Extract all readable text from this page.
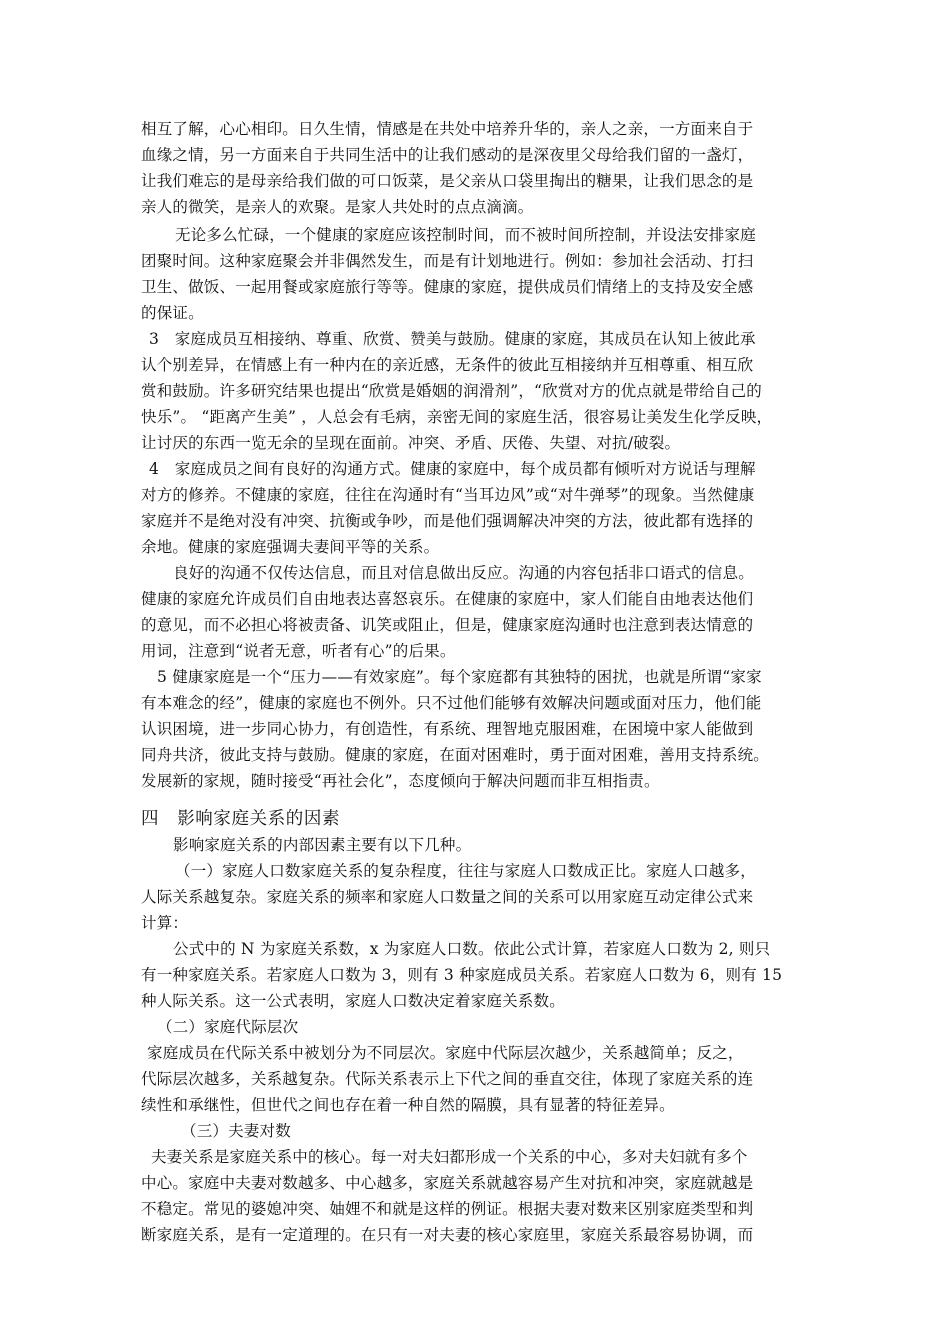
相互了解，心心相印。日久生情，情感是在共处中培养升华的，亲人之亲，一方面来自于
血缘之情，另一方面来自于共同生活中的让我们感动的是深夜里父母给我们留的一盏灯，
让我们难忘的是母亲给我们做的可口饭菜，是父亲从口袋里掏出的糖果，让我们思念的是
亲人的微笑，是亲人的欢聚。是家人共处时的点点滴滴。
无论多么忙碌，一个健康的家庭应该控制时间，而不被时间所控制，并设法安排家庭
团聚时间。这种家庭聚会并非偶然发生，而是有计划地进行。例如：参加社会活动、打扫
卫生、做饭、一起用餐或家庭旅行等等。健康的家庭，提供成员们情绪上的支持及安全感
的保证。
3　家庭成员互相接纳、尊重、欣赏、赞美与鼓励。健康的家庭，其成员在认知上彼此承
认个别差异，在情感上有一种内在的亲近感，无条件的彼此互相接纳并互相尊重、相互欣
赏和鼓励。许多研究结果也提出“欣赏是婚姻的润滑剂”，“欣赏对方的优点就是带给自己的
快乐”。 “距离产生美” ，人总会有毛病，亲密无间的家庭生活，很容易让美发生化学反映，
让讨厌的东西一览无余的呈现在面前。冲突、矛盾、厌倦、失望、对抗/破裂。
4　家庭成员之间有良好的沟通方式。健康的家庭中，每个成员都有倾听对方说话与理解
对方的修养。不健康的家庭，往往在沟通时有“当耳边风”或“对牛弹琴”的现象。当然健康
家庭并不是绝对没有冲突、抗衡或争吵，而是他们强调解决冲突的方法，彼此都有选择的
余地。健康的家庭强调夫妻间平等的关系。
良好的沟通不仅传达信息，而且对信息做出反应。沟通的内容包括非口语式的信息。
健康的家庭允许成员们自由地表达喜怒哀乐。在健康的家庭中，家人们能自由地表达他们
的意见，而不必担心将被责备、讥笑或阻止，但是，健康家庭沟通时也注意到表达情意的
用词，注意到“说者无意，听者有心”的后果。
5 健康家庭是一个“压力——有效家庭”。每个家庭都有其独特的困扰，也就是所谓“家家
有本难念的经”，健康的家庭也不例外。只不过他们能够有效解决问题或面对压力，他们能
认识困境，进一步同心协力，有创造性，有系统、理智地克服困难，在困境中家人能做到
同舟共济，彼此支持与鼓励。健康的家庭，在面对困难时，勇于面对困难，善用支持系统。
发展新的家规，随时接受“再社会化”，态度倾向于解决问题而非互相指责。
四　影响家庭关系的因素
影响家庭关系的内部因素主要有以下几种。
（一）家庭人口数家庭关系的复杂程度，往往与家庭人口数成正比。家庭人口越多，
人际关系越复杂。家庭关系的频率和家庭人口数量之间的关系可以用家庭互动定律公式来
计算：
公式中的 N 为家庭关系数，x 为家庭人口数。依此公式计算，若家庭人口数为 2, 则只
有一种家庭关系。若家庭人口数为 3，则有 3 种家庭成员关系。若家庭人口数为 6，则有 15
种人际关系。这一公式表明，家庭人口数决定着家庭关系数。
（二）家庭代际层次
家庭成员在代际关系中被划分为不同层次。家庭中代际层次越少，关系越简单；反之，
代际层次越多，关系越复杂。代际关系表示上下代之间的垂直交往，体现了家庭关系的连
续性和承继性，但世代之间也存在着一种自然的隔膜，具有显著的特征差异。
（三）夫妻对数
夫妻关系是家庭关系中的核心。每一对夫妇都形成一个关系的中心，多对夫妇就有多个
中心。家庭中夫妻对数越多、中心越多，家庭关系就越容易产生对抗和冲突，家庭就越是
不稳定。常见的婆媳冲突、妯娌不和就是这样的例证。根据夫妻对数来区别家庭类型和判
断家庭关系，是有一定道理的。在只有一对夫妻的核心家庭里，家庭关系最容易协调，而
